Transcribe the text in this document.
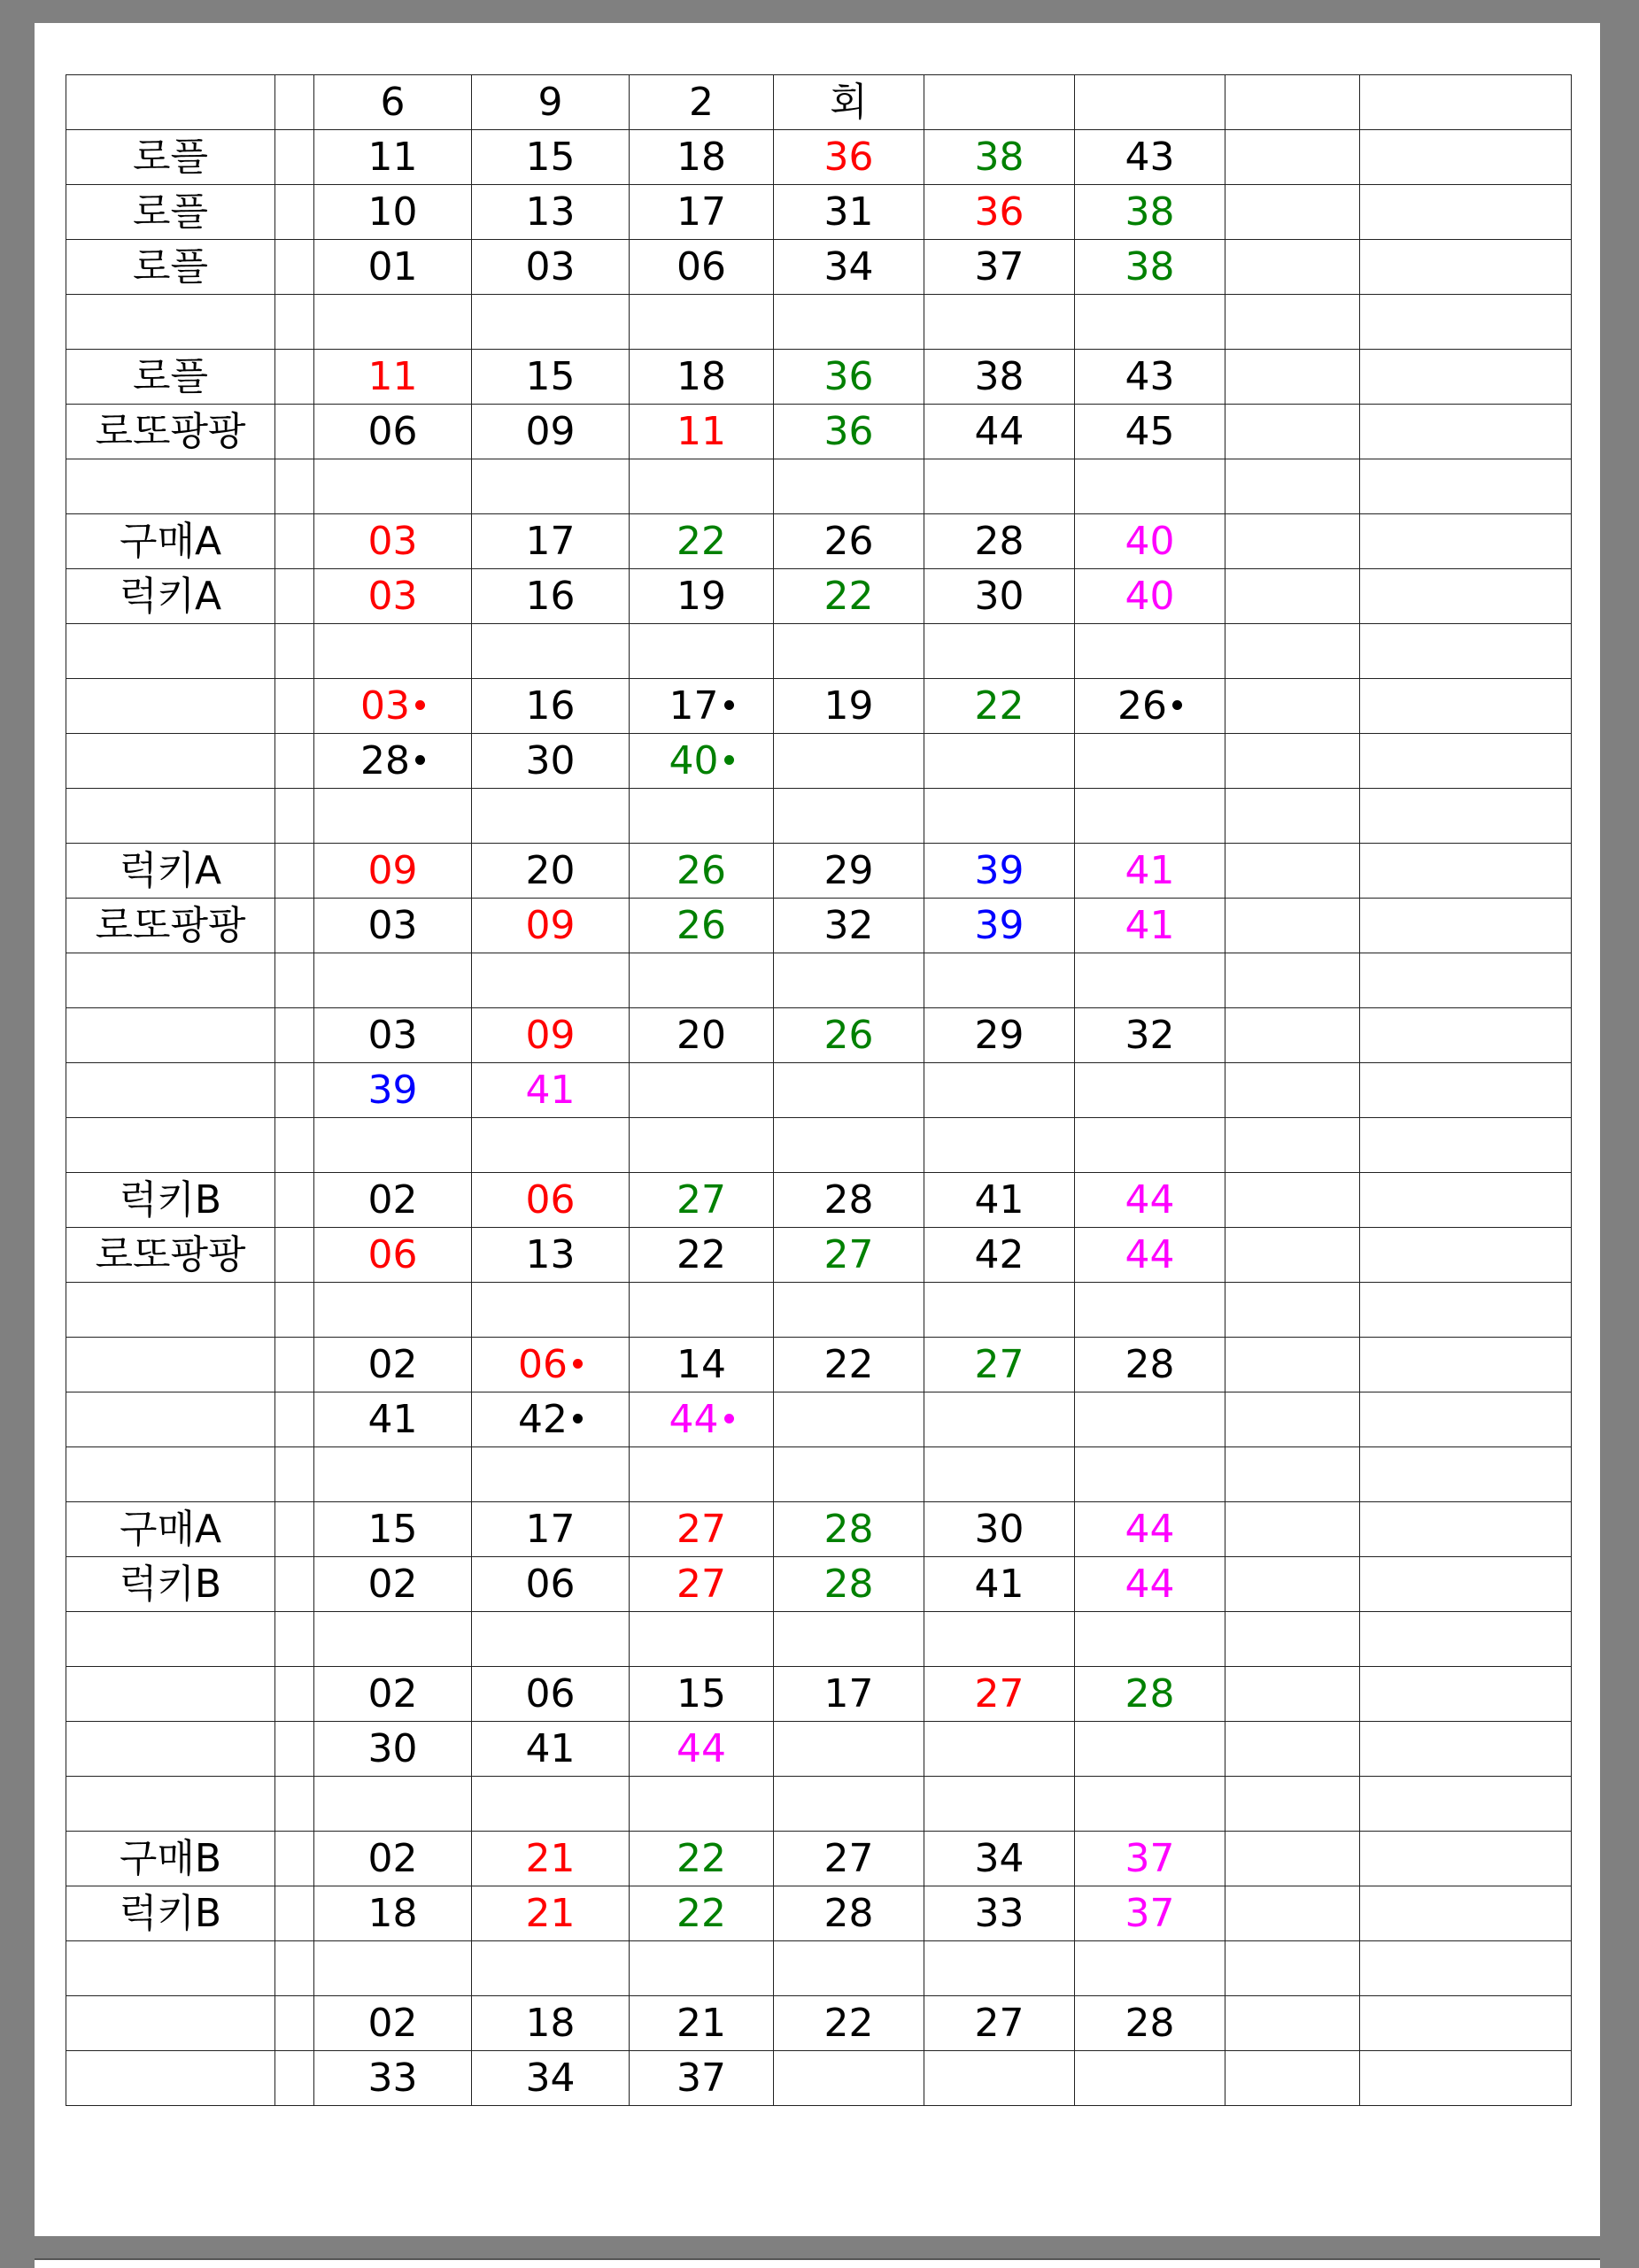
		6	9	2	회				
로플		11	15	18	36	38	43		
로플		10	13	17	31	36	38		
로플		01	03	06	34	37	38		

로플		11	15	18	36	38	43		
로또팡팡		06	09	11	36	44	45		

구매A		03	17	22	26	28	40		
럭키A		03	16	19	22	30	40		

		03	16	17	19	22	26		
		28	30	40					

럭키A		09	20	26	29	39	41		
로또팡팡		03	09	26	32	39	41		

		03	09	20	26	29	32		
		39	41						

럭키B		02	06	27	28	41	44		
로또팡팡		06	13	22	27	42	44		

		02	06	14	22	27	28		
		41	42	44					

구매A		15	17	27	28	30	44		
럭키B		02	06	27	28	41	44		

		02	06	15	17	27	28		
		30	41	44					

구매B		02	21	22	27	34	37		
럭키B		18	21	22	28	33	37		

		02	18	21	22	27	28		
		33	34	37					
